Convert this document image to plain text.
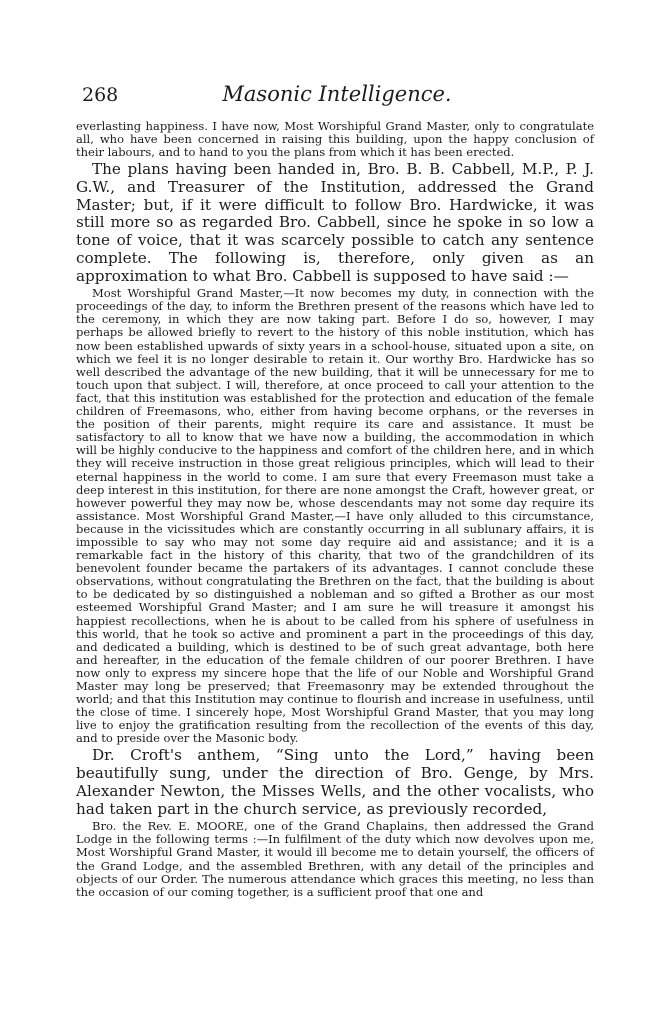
268	Masonic Intelligence.

everlasting happiness. I have now, Most Worshipful Grand Master, only to congratulate all, who have been concerned in raising this building, upon the happy conclusion of their labours, and to hand to you the plans from which it has been erected.

The plans having been handed in, Bro. B. B. Cabbell, M.P., P. J. G.W., and Treasurer of the Institution, addressed the Grand Master; but, if it were difficult to follow Bro. Hardwicke, it was still more so as regarded Bro. Cabbell, since he spoke in so low a tone of voice, that it was scarcely possible to catch any sentence complete. The following is, therefore, only given as an approximation to what Bro. Cabbell is supposed to have said :—

Most Worshipful Grand Master,—It now becomes my duty, in connection with the proceedings of the day, to inform the Brethren present of the reasons which have led to the ceremony, in which they are now taking part. Before I do so, however, I may perhaps be allowed briefly to revert to the history of this noble institution, which has now been established upwards of sixty years in a school-house, situated upon a site, on which we feel it is no longer desirable to retain it. Our worthy Bro. Hardwicke has so well described the advantage of the new building, that it will be unnecessary for me to touch upon that subject. I will, therefore, at once proceed to call your attention to the fact, that this institution was established for the protection and education of the female children of Freemasons, who, either from having become orphans, or the reverses in the position of their parents, might require its care and assistance. It must be satisfactory to all to know that we have now a building, the accommodation in which will be highly conducive to the happiness and comfort of the children here, and in which they will receive instruction in those great religious principles, which will lead to their eternal happiness in the world to come. I am sure that every Freemason must take a deep interest in this institution, for there are none amongst the Craft, however great, or however powerful they may now be, whose descendants may not some day require its assistance. Most Worshipful Grand Master,—I have only alluded to this circumstance, because in the vicissitudes which are constantly occurring in all sublunary affairs, it is impossible to say who may not some day require aid and assistance; and it is a remarkable fact in the history of this charity, that two of the grandchildren of its benevolent founder became the partakers of its advantages. I cannot conclude these observations, without congratulating the Brethren on the fact, that the building is about to be dedicated by so distinguished a nobleman and so gifted a Brother as our most esteemed Worshipful Grand Master; and I am sure he will treasure it amongst his happiest recollections, when he is about to be called from his sphere of usefulness in this world, that he took so active and prominent a part in the proceedings of this day, and dedicated a building, which is destined to be of such great advantage, both here and hereafter, in the education of the female children of our poorer Brethren. I have now only to express my sincere hope that the life of our Noble and Worshipful Grand Master may long be preserved; that Freemasonry may be extended throughout the world; and that this Institution may continue to flourish and increase in usefulness, until the close of time. I sincerely hope, Most Worshipful Grand Master, that you may long live to enjoy the gratification resulting from the recollection of the events of this day, and to preside over the Masonic body.

Dr. Croft's anthem, “Sing unto the Lord,” having been beautifully sung, under the direction of Bro. Genge, by Mrs. Alexander Newton, the Misses Wells, and the other vocalists, who had taken part in the church service, as previously recorded,

Bro. the Rev. E. MOORE, one of the Grand Chaplains, then addressed the Grand Lodge in the following terms :—In fulfilment of the duty which now devolves upon me, Most Worshipful Grand Master, it would ill become me to detain yourself, the officers of the Grand Lodge, and the assembled Brethren, with any detail of the principles and objects of our Order. The numerous attendance which graces this meeting, no less than the occasion of our coming together, is a sufficient proof that one and
